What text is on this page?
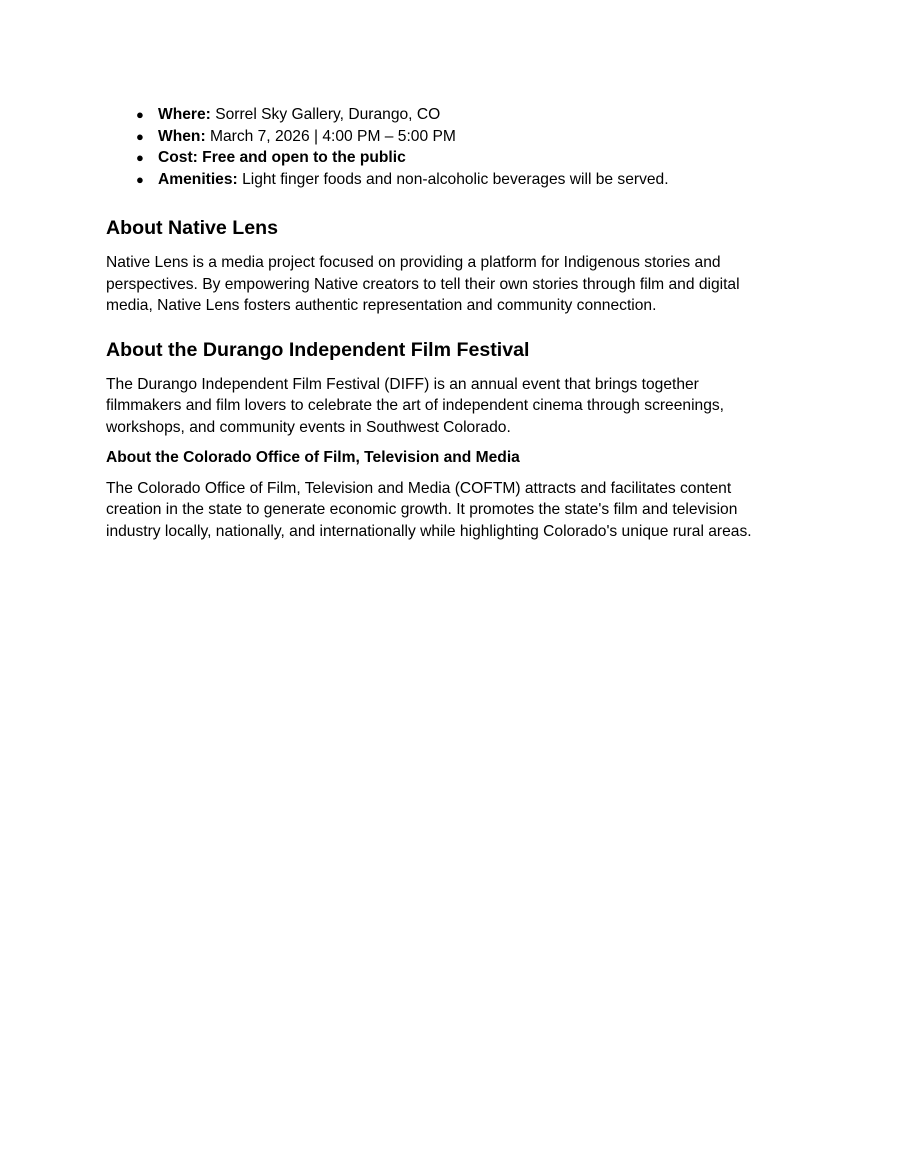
● Where: Sorrel Sky Gallery, Durango, CO
● When: March 7, 2026 | 4:00 PM – 5:00 PM
● Cost: Free and open to the public
● Amenities: Light finger foods and non-alcoholic beverages will be served.
About Native Lens

Native Lens is a media project focused on providing a platform for Indigenous stories and
perspectives. By empowering Native creators to tell their own stories through film and digital
media, Native Lens fosters authentic representation and community connection.

About the Durango Independent Film Festival

The Durango Independent Film Festival (DIFF) is an annual event that brings together
filmmakers and film lovers to celebrate the art of independent cinema through screenings,
workshops, and community events in Southwest Colorado.

About the Colorado Office of Film, Television and Media

The Colorado Office of Film, Television and Media (COFTM) attracts and facilitates content
creation in the state to generate economic growth. It promotes the state's film and television
industry locally, nationally, and internationally while highlighting Colorado's unique rural areas.
